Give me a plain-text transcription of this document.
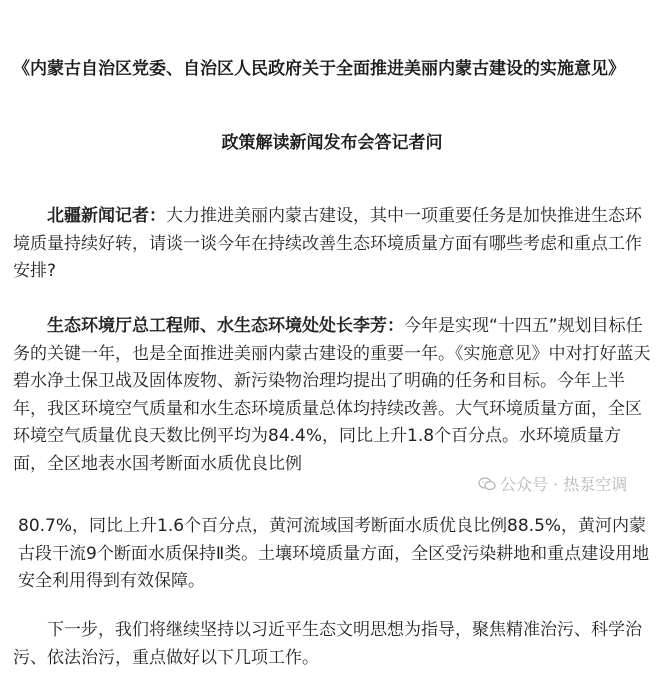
《内蒙古自治区党委、自治区人民政府关于全面推进美丽内蒙古建设的实施意见》
政策解读新闻发布会答记者问

北疆新闻记者：大力推进美丽内蒙古建设，其中一项重要任务是加快推进生态环境质量持续好转，请谈一谈今年在持续改善生态环境质量方面有哪些考虑和重点工作安排?

生态环境厅总工程师、水生态环境处处长李芳：今年是实现“十四五”规划目标任务的关键一年，也是全面推进美丽内蒙古建设的重要一年。《实施意见》中对打好蓝天碧水净土保卫战及固体废物、新污染物治理均提出了明确的任务和目标。今年上半年，我区环境空气质量和水生态环境质量总体均持续改善。大气环境质量方面，全区环境空气质量优良天数比例平均为84.4%，同比上升1.8个百分点。水环境质量方面，全区地表水国考断面水质优良比例

80.7%，同比上升1.6个百分点，黄河流域国考断面水质优良比例88.5%，黄河内蒙古段干流9个断面水质保持Ⅱ类。土壤环境质量方面，全区受污染耕地和重点建设用地安全利用得到有效保障。

下一步，我们将继续坚持以习近平生态文明思想为指导，聚焦精准治污、科学治污、依法治污，重点做好以下几项工作。

公众号 · 热泵空调
